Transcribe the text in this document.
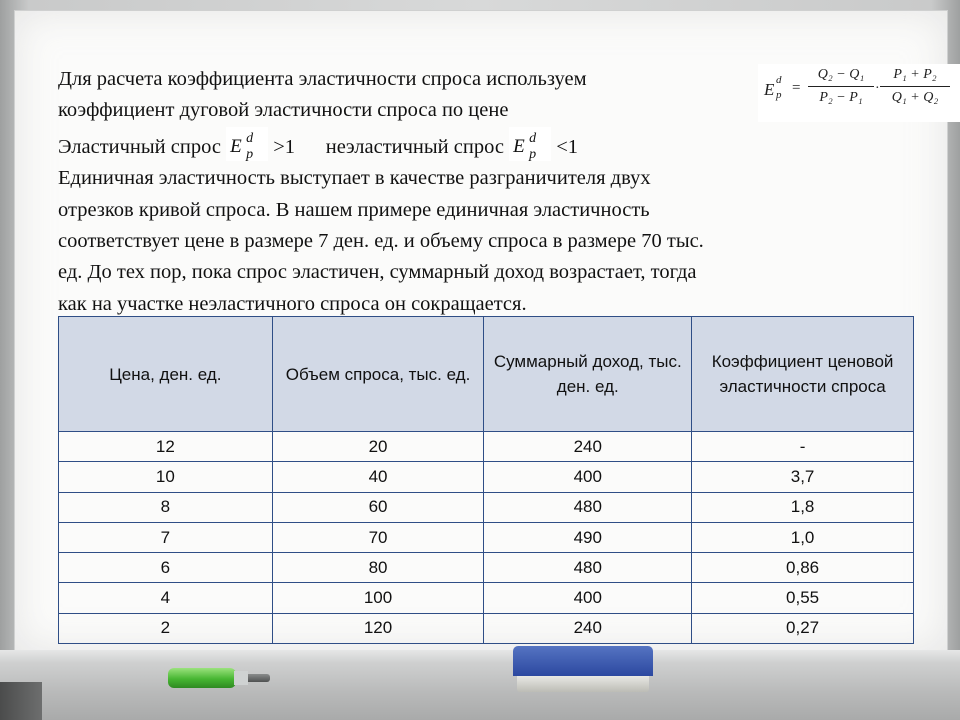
Для расчета коэффициента эластичности спроса используем
коэффициент дуговой эластичности спроса по цене
Эластичный спрос E d
p >1 неэластичный спрос E d
p <1
Единичная эластичность выступает в качестве разграничителя двух
отрезков кривой спроса. В нашем примере единичная эластичность
соответствует цене в размере 7 ден. ед. и объему спроса в размере 70 тыс.
ед. До тех пор, пока спрос эластичен, суммарный доход возрастает, тогда
как на участке неэластичного спроса он сокращается.
E d
p =
Q₂ − Q₁
P₂ − P₁
·
P₁ + P₂
Q₁ + Q₂
Цена, ден. ед.	Объем спроса, тыс. ед.	Суммарный доход, тыс. ден. ед.	Коэффициент ценовой эластичности спроса
12	20	240	-
10	40	400	3,7
8	60	480	1,8
7	70	490	1,0
6	80	480	0,86
4	100	400	0,55
2	120	240	0,27
